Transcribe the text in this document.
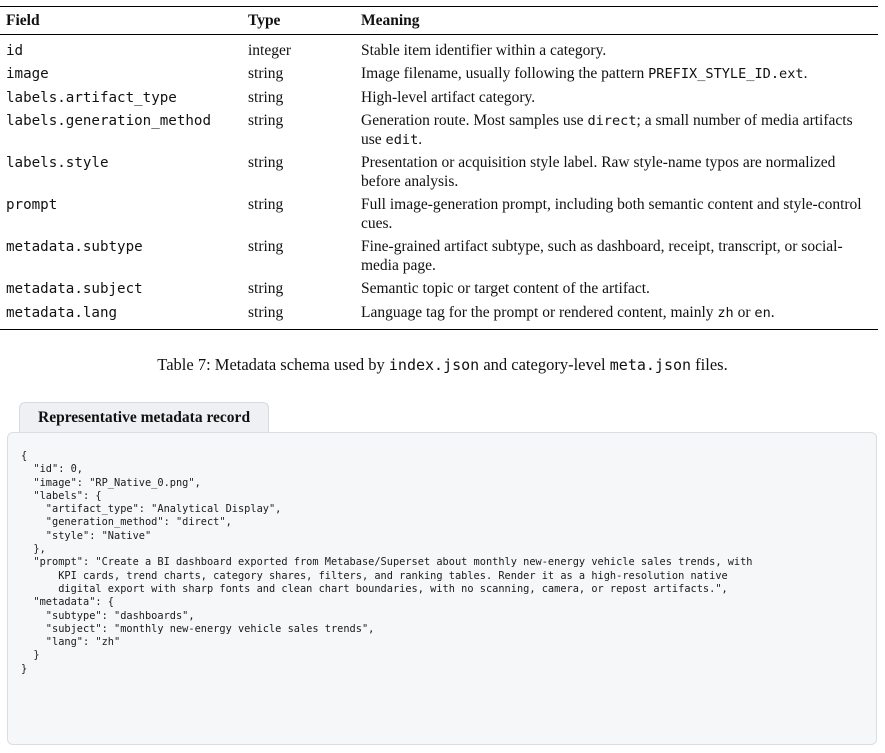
Field	Type	Meaning
id	integer	Stable item identifier within a category.
image	string	Image filename, usually following the pattern PREFIX_STYLE_ID.ext.
labels.artifact_type	string	High-level artifact category.
labels.generation_method	string	Generation route. Most samples use direct; a small number of media artifacts use edit.
labels.style	string	Presentation or acquisition style label. Raw style-name typos are normalized before analysis.
prompt	string	Full image-generation prompt, including both semantic content and style-control cues.
metadata.subtype	string	Fine-grained artifact subtype, such as dashboard, receipt, transcript, or social-media page.
metadata.subject	string	Semantic topic or target content of the artifact.
metadata.lang	string	Language tag for the prompt or rendered content, mainly zh or en.
Table 7: Metadata schema used by index.json and category-level meta.json files.
Representative metadata record
{
"id": 0,
"image": "RP_Native_0.png",
"labels": {
"artifact_type": "Analytical Display",
"generation_method": "direct",
"style": "Native"
},
"prompt": "Create a BI dashboard exported from Metabase/Superset about monthly new-energy vehicle sales trends, with
KPI cards, trend charts, category shares, filters, and ranking tables. Render it as a high-resolution native
digital export with sharp fonts and clean chart boundaries, with no scanning, camera, or repost artifacts.",
"metadata": {
"subtype": "dashboards",
"subject": "monthly new-energy vehicle sales trends",
"lang": "zh"
}
}
